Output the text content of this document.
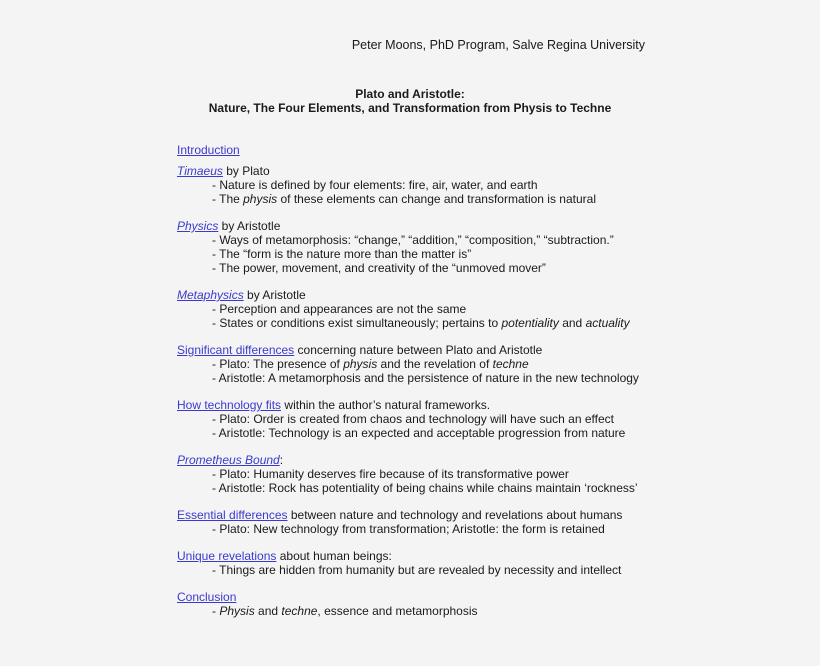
Peter Moons, PhD Program, Salve Regina University
Plato and Aristotle:
Nature, The Four Elements, and Transformation from Physis to Techne
Introduction
Timaeus by Plato
- Nature is defined by four elements: fire, air, water, and earth
- The physis of these elements can change and transformation is natural
Physics by Aristotle
- Ways of metamorphosis: “change,” “addition,” “composition,” “subtraction.”
- The “form is the nature more than the matter is”
- The power, movement, and creativity of the “unmoved mover”
Metaphysics by Aristotle
- Perception and appearances are not the same
- States or conditions exist simultaneously; pertains to potentiality and actuality
Significant differences concerning nature between Plato and Aristotle
- Plato: The presence of physis and the revelation of techne
- Aristotle: A metamorphosis and the persistence of nature in the new technology
How technology fits within the author’s natural frameworks.
- Plato: Order is created from chaos and technology will have such an effect
- Aristotle: Technology is an expected and acceptable progression from nature
Prometheus Bound:
- Plato: Humanity deserves fire because of its transformative power
- Aristotle: Rock has potentiality of being chains while chains maintain ‘rockness’
Essential differences between nature and technology and revelations about humans
- Plato: New technology from transformation; Aristotle: the form is retained
Unique revelations about human beings:
- Things are hidden from humanity but are revealed by necessity and intellect
Conclusion
- Physis and techne, essence and metamorphosis
